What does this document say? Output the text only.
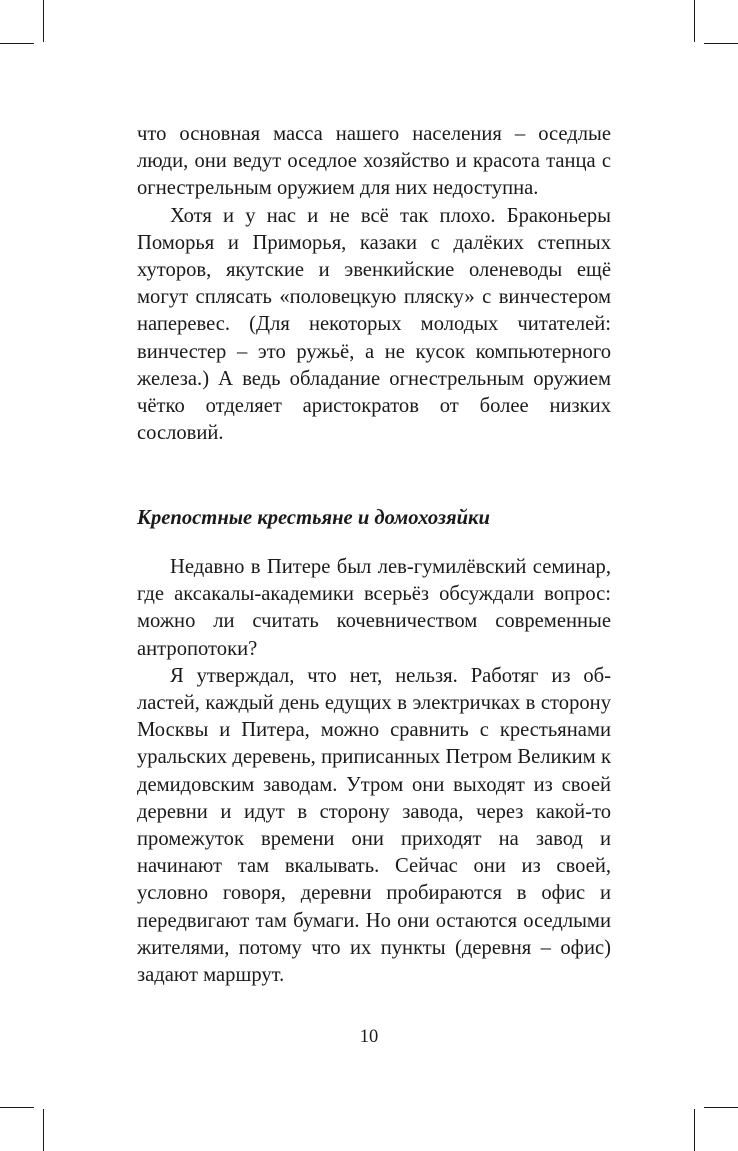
что основная масса нашего населения – оседлые люди, они ведут оседлое хозяйство и красота танца с огнестрельным оружием для них недоступна.

Хотя и у нас и не всё так плохо. Браконьеры Поморья и Приморья, казаки с далёких степных хуторов, якутские и эвенкийские оленеводы ещё могут сплясать «половецкую пляску» с винчестером наперевес. (Для некоторых молодых читателей: винчестер – это ружьё, а не кусок компьютерного железа.) А ведь обладание огнестрельным оружием чётко отделяет аристократов от более низких сословий.

Крепостные крестьяне и домохозяйки

Недавно в Питере был лев-гумилёвский семинар, где аксакалы-академики всерьёз обсуждали вопрос: можно ли считать кочевничеством современные антропотоки?

Я утверждал, что нет, нельзя. Работяг из областей, каждый день едущих в электричках в сторону Москвы и Питера, можно сравнить с крестьянами уральских деревень, приписанных Петром Великим к демидовским заводам. Утром они выходят из своей деревни и идут в сторону завода, через какой-то промежуток времени они приходят на завод и начинают там вкалывать. Сейчас они из своей, условно говоря, деревни пробираются в офис и передвигают там бумаги. Но они остаются оседлыми жителями, потому что их пункты (деревня – офис) задают маршрут.

10
